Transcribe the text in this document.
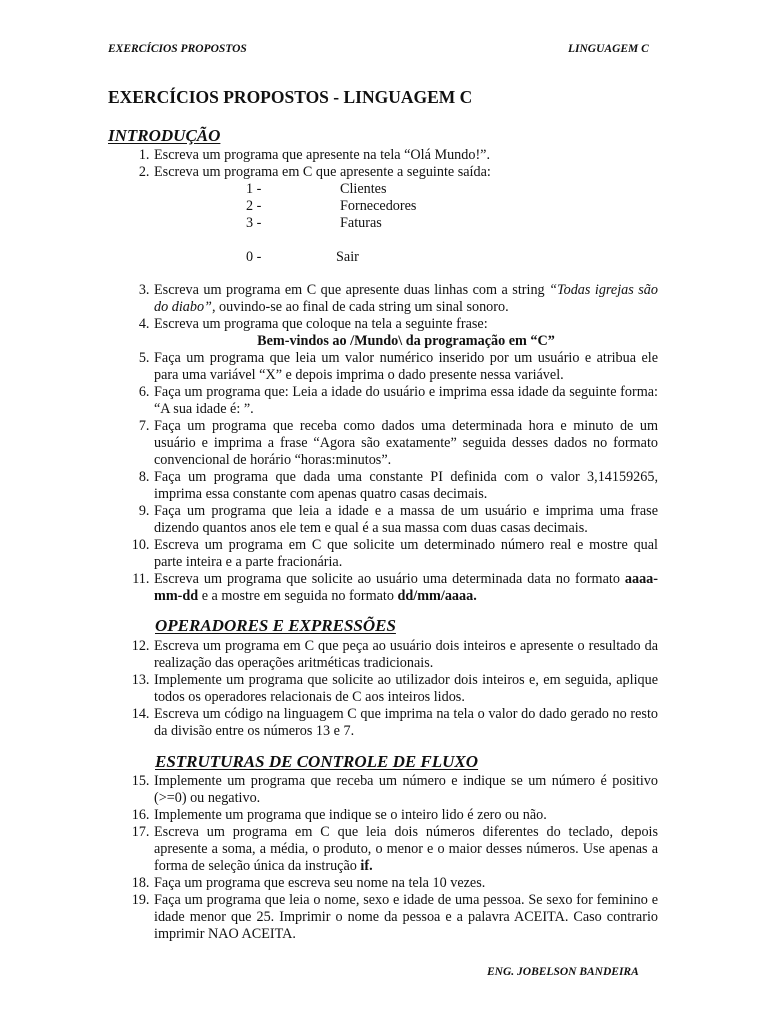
EXERCÍCIOS PROPOSTOS	LINGUAGEM C
EXERCÍCIOS PROPOSTOS - LINGUAGEM C
INTRODUÇÃO
1. Escreva um programa que apresente na tela “Olá Mundo!”.
2. Escreva um programa em C que apresente a seguinte saída:
1 -	Clientes
2 -	Fornecedores
3 -	Faturas
0 -	Sair
3. Escreva um programa em C que apresente duas linhas com a string “Todas igrejas são do diabo”, ouvindo-se ao final de cada string um sinal sonoro.
4. Escreva um programa que coloque na tela a seguinte frase:
Bem-vindos ao /Mundo\ da programação em “C”
5. Faça um programa que leia um valor numérico inserido por um usuário e atribua ele para uma variável “X” e depois imprima o dado presente nessa variável.
6. Faça um programa que: Leia a idade do usuário e imprima essa idade da seguinte forma: “A sua idade é: ”.
7. Faça um programa que receba como dados uma determinada hora e minuto de um usuário e imprima a frase “Agora são exatamente” seguida desses dados no formato convencional de horário “horas:minutos”.
8. Faça um programa que dada uma constante PI definida com o valor 3,14159265, imprima essa constante com apenas quatro casas decimais.
9. Faça um programa que leia a idade e a massa de um usuário e imprima uma frase dizendo quantos anos ele tem e qual é a sua massa com duas casas decimais.
10. Escreva um programa em C que solicite um determinado número real e mostre qual parte inteira e a parte fracionária.
11. Escreva um programa que solicite ao usuário uma determinada data no formato aaaa-mm-dd e a mostre em seguida no formato dd/mm/aaaa.
OPERADORES E EXPRESSÕES
12. Escreva um programa em C que peça ao usuário dois inteiros e apresente o resultado da realização das operações aritméticas tradicionais.
13. Implemente um programa que solicite ao utilizador dois inteiros e, em seguida, aplique todos os operadores relacionais de C aos inteiros lidos.
14. Escreva um código na linguagem C que imprima na tela o valor do dado gerado no resto da divisão entre os números 13 e 7.
ESTRUTURAS DE CONTROLE DE FLUXO
15. Implemente um programa que receba um número e indique se um número é positivo (>=0) ou negativo.
16. Implemente um programa que indique se o inteiro lido é zero ou não.
17. Escreva um programa em C que leia dois números diferentes do teclado, depois apresente a soma, a média, o produto, o menor e o maior desses números. Use apenas a forma de seleção única da instrução if.
18. Faça um programa que escreva seu nome na tela 10 vezes.
19. Faça um programa que leia o nome, sexo e idade de uma pessoa. Se sexo for feminino e idade menor que 25. Imprimir o nome da pessoa e a palavra ACEITA. Caso contrario imprimir NAO ACEITA.
ENG. JOBELSON BANDEIRA
